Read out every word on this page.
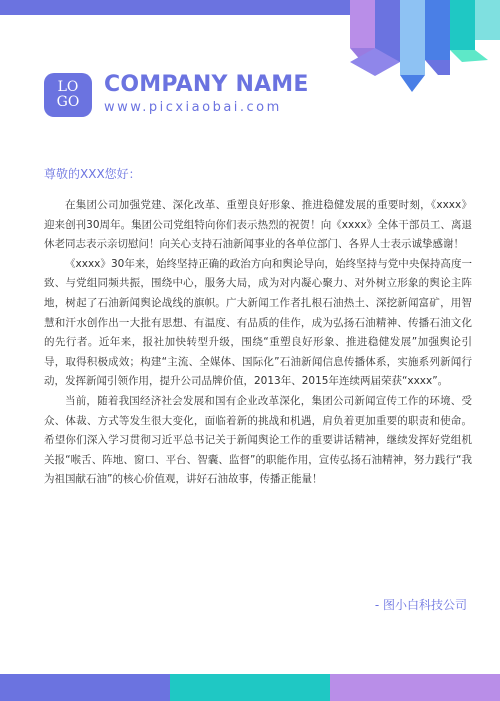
LO
GO
COMPANY NAME
www.picxiaobai.com
尊敬的XXX您好：

在集团公司加强党建、深化改革、重塑良好形象、推进稳健发展的重要时刻，《xxxx》迎来创刊30周年。集团公司党组特向你们表示热烈的祝贺！向《xxxx》全体干部员工、离退休老同志表示亲切慰问！向关心支持石油新闻事业的各单位部门、各界人士表示诚挚感谢！

《xxxx》30年来，始终坚持正确的政治方向和舆论导向，始终坚持与党中央保持高度一致、与党组同频共振，围绕中心，服务大局，成为对内凝心聚力、对外树立形象的舆论主阵地，树起了石油新闻舆论战线的旗帜。广大新闻工作者扎根石油热土、深挖新闻富矿，用智慧和汗水创作出一大批有思想、有温度、有品质的佳作，成为弘扬石油精神、传播石油文化的先行者。近年来，报社加快转型升级，围绕“重塑良好形象、推进稳健发展”加强舆论引导，取得积极成效；构建“主流、全媒体、国际化”石油新闻信息传播体系，实施系列新闻行动，发挥新闻引领作用，提升公司品牌价值，2013年、2015年连续两届荣获“xxxx”。

当前，随着我国经济社会发展和国有企业改革深化，集团公司新闻宣传工作的环境、受众、体裁、方式等发生很大变化，面临着新的挑战和机遇，肩负着更加重要的职责和使命。希望你们深入学习贯彻习近平总书记关于新闻舆论工作的重要讲话精神，继续发挥好党组机关报“喉舌、阵地、窗口、平台、智囊、监督”的职能作用，宣传弘扬石油精神，努力践行“我为祖国献石油”的核心价值观，讲好石油故事，传播正能量！

- 图小白科技公司
